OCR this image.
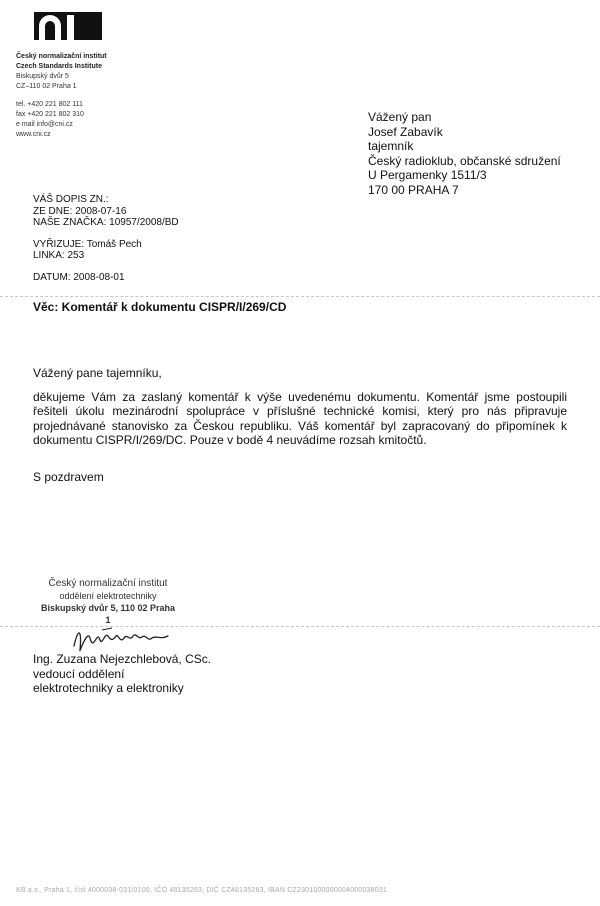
Český normalizační institut
Czech Standards Institute
Biskupský dvůr 5
CZ–110 02 Praha 1
tel. +420 221 802 111
fax +420 221 802 310
e mail info@cni.cz
www.cni.cz
Vážený pan
Josef Zabavík
tajemník
Český radioklub, občanské sdružení
U Pergamenky 1511/3
170 00 PRAHA 7
VÁŠ DOPIS ZN.:
ZE DNE: 2008-07-16
NAŠE ZNAČKA: 10957/2008/BD
VYŘIZUJE: Tomáš Pech
LINKA: 253
DATUM: 2008-08-01
Věc: Komentář k dokumentu CISPR/I/269/CD
Vážený pane tajemníku,
děkujeme Vám za zaslaný komentář k výše uvedenému dokumentu. Komentář jsme postoupili řešiteli úkolu mezinárodní spolupráce v příslušné technické komisi, který pro nás připravuje projednávané stanovisko za Českou republiku. Váš komentář byl zapracovaný do připomínek k dokumentu CISPR/I/269/DC. Pouze v bodě 4 neuvádíme rozsah kmitočtů.
S pozdravem
Český normalizační institut
oddělení elektrotechniky
Biskupský dvůr 5, 110 02 Praha 1
Ing. Zuzana Nejezchlebová, CSc.
vedoucí oddělení
elektrotechniky a elektroniky
KB a.s., Praha 1, čísl 4000038-031/0100, IČO 48135283, DIČ CZ48135283, IBAN CZ2301000000004000038031
